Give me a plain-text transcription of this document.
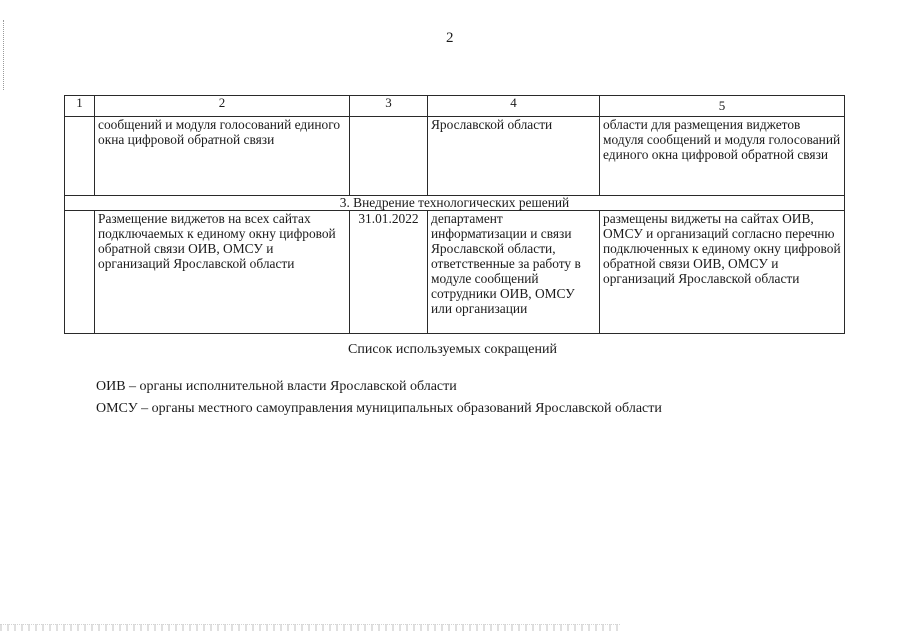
2
1	2	3	4	5
	сообщений и модуля голосований единого окна цифровой обратной связи		Ярославской области	области для размещения виджетов модуля сообщений и модуля голосований единого окна цифровой обратной связи
3. Внедрение технологических решений				
	Размещение виджетов на всех сайтах подключаемых к единому окну цифровой обратной связи ОИВ, ОМСУ и организаций Ярославской области	31.01.2022	департамент информатизации и связи Ярославской области, ответственные за работу в модуле сообщений сотрудники ОИВ, ОМСУ или организации	размещены виджеты на сайтах ОИВ, ОМСУ и организаций согласно перечню подключенных к единому окну цифровой обратной связи ОИВ, ОМСУ и организаций Ярославской области
Список используемых сокращений
ОИВ – органы исполнительной власти Ярославской области
ОМСУ – органы местного самоуправления муниципальных образований Ярославской области
